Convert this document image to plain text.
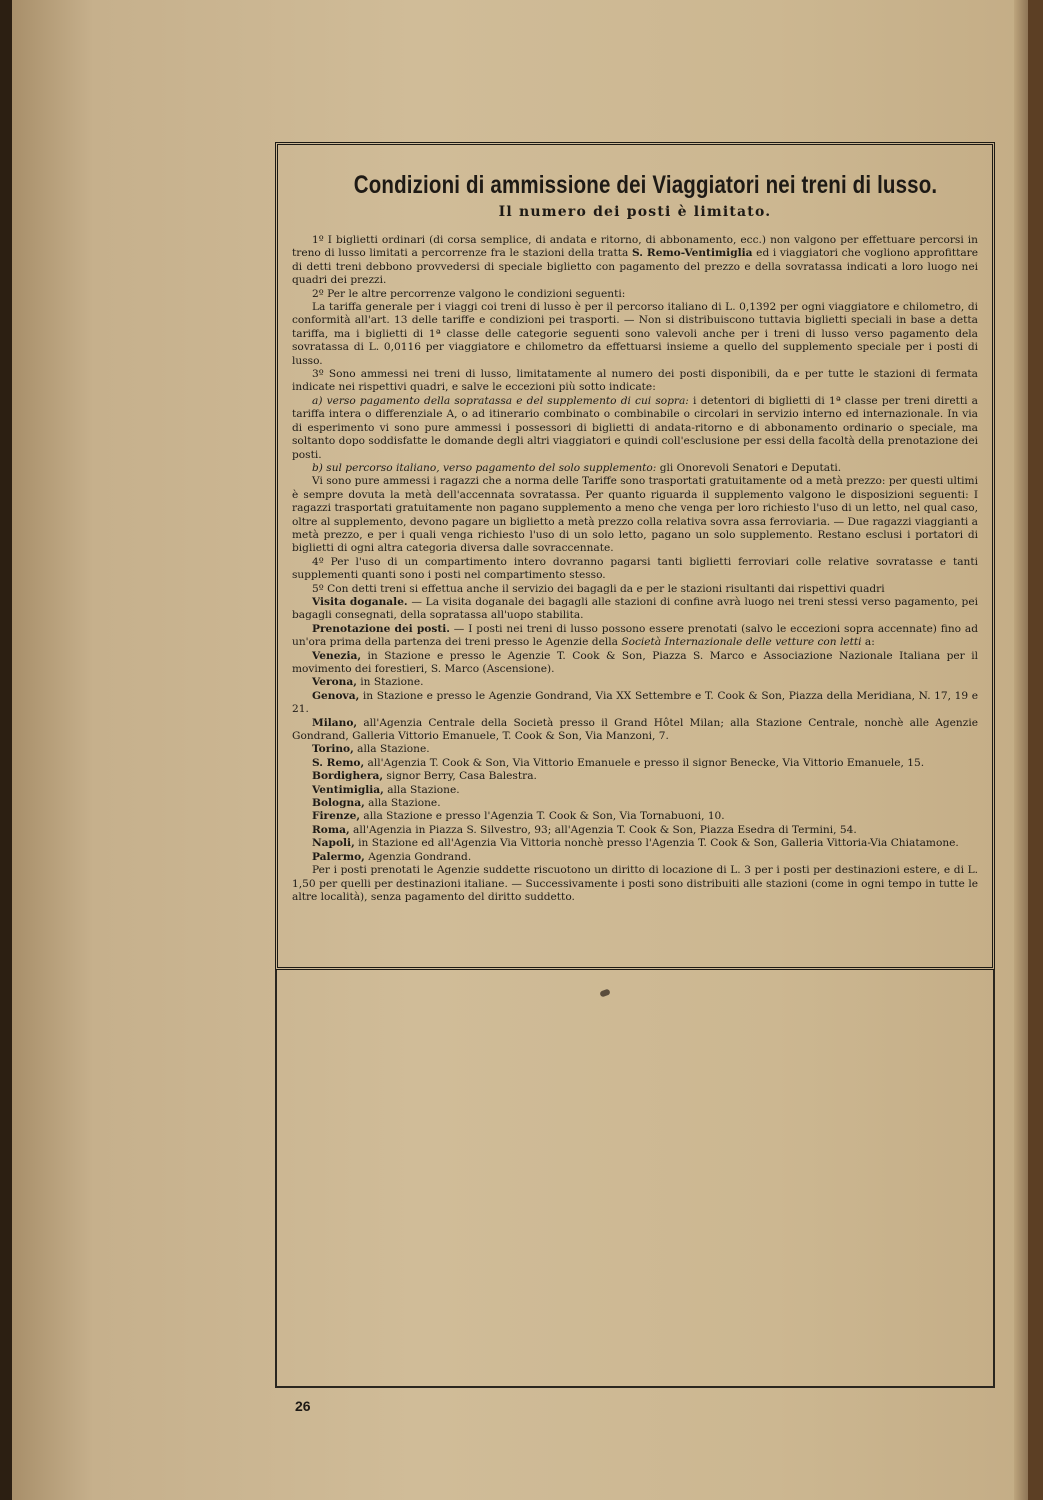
Condizioni di ammissione dei Viaggiatori nei treni di lusso.
Il numero dei posti è limitato.

1º I biglietti ordinari (di corsa semplice, di andata e ritorno, di abbonamento, ecc.) non valgono per effettuare percorsi in treno di lusso limitati a percorrenze fra le stazioni della tratta S. Remo-Ventimiglia ed i viaggiatori che vogliono approfittare di detti treni debbono provvedersi di speciale biglietto con pagamento del prezzo e della sovratassa indicati a loro luogo nei quadri dei prezzi.

2º Per le altre percorrenze valgono le condizioni seguenti:

La tariffa generale per i viaggi coi treni di lusso è per il percorso italiano di L. 0,1392 per ogni viaggiatore e chilometro, di conformità all'art. 13 delle tariffe e condizioni pei trasporti. — Non si distribuiscono tuttavia biglietti speciali in base a detta tariffa, ma i biglietti di 1ª classe delle categorie seguenti sono valevoli anche per i treni di lusso verso pagamento dela sovratassa di L. 0,0116 per viaggiatore e chilometro da effettuarsi insieme a quello del supplemento speciale per i posti di lusso.

3º Sono ammessi nei treni di lusso, limitatamente al numero dei posti disponibili, da e per tutte le stazioni di fermata indicate nei rispettivi quadri, e salve le eccezioni più sotto indicate:

a) verso pagamento della sopratassa e del supplemento di cui sopra: i detentori di biglietti di 1ª classe per treni diretti a tariffa intera o differenziale A, o ad itinerario combinato o combinabile o circolari in servizio interno ed internazionale. In via di esperimento vi sono pure ammessi i possessori di biglietti di andata-ritorno e di abbonamento ordinario o speciale, ma soltanto dopo soddisfatte le domande degli altri viaggiatori e quindi coll'esclusione per essi della facoltà della prenotazione dei posti.

b) sul percorso italiano, verso pagamento del solo supplemento: gli Onorevoli Senatori e Deputati.

Vi sono pure ammessi i ragazzi che a norma delle Tariffe sono trasportati gratuitamente od a metà prezzo: per questi ultimi è sempre dovuta la metà dell'accennata sovratassa. Per quanto riguarda il supplemento valgono le disposizioni seguenti: I ragazzi trasportati gratuitamente non pagano supplemento a meno che venga per loro richiesto l'uso di un letto, nel qual caso, oltre al supplemento, devono pagare un biglietto a metà prezzo colla relativa sovra assa ferroviaria. — Due ragazzi viaggianti a metà prezzo, e per i quali venga richiesto l'uso di un solo letto, pagano un solo supplemento. Restano esclusi i portatori di biglietti di ogni altra categoria diversa dalle sovraccennate.

4º Per l'uso di un compartimento intero dovranno pagarsi tanti biglietti ferroviari colle relative sovratasse e tanti supplementi quanti sono i posti nel compartimento stesso.

5º Con detti treni si effettua anche il servizio dei bagagli da e per le stazioni risultanti dai rispettivi quadri

Visita doganale. — La visita doganale dei bagagli alle stazioni di confine avrà luogo nei treni stessi verso pagamento, pei bagagli consegnati, della sopratassa all'uopo stabilita.

Prenotazione dei posti. — I posti nei treni di lusso possono essere prenotati (salvo le eccezioni sopra accennate) fino ad un'ora prima della partenza dei treni presso le Agenzie della Società Internazionale delle vetture con letti a:

Venezia, in Stazione e presso le Agenzie T. Cook & Son, Piazza S. Marco e Associazione Nazionale Italiana per il movimento dei forestieri, S. Marco (Ascensione).
Verona, in Stazione.
Genova, in Stazione e presso le Agenzie Gondrand, Via XX Settembre e T. Cook & Son, Piazza della Meridiana, N. 17, 19 e 21.
Milano, all'Agenzia Centrale della Società presso il Grand Hôtel Milan; alla Stazione Centrale, nonchè alle Agenzie Gondrand, Galleria Vittorio Emanuele, T. Cook & Son, Via Manzoni, 7.
Torino, alla Stazione.
S. Remo, all'Agenzia T. Cook & Son, Via Vittorio Emanuele e presso il signor Benecke, Via Vittorio Emanuele, 15.
Bordighera, signor Berry, Casa Balestra.
Ventimiglia, alla Stazione.
Bologna, alla Stazione.
Firenze, alla Stazione e presso l'Agenzia T. Cook & Son, Via Tornabuoni, 10.
Roma, all'Agenzia in Piazza S. Silvestro, 93; all'Agenzia T. Cook & Son, Piazza Esedra di Termini, 54.
Napoli, in Stazione ed all'Agenzia Via Vittoria nonchè presso l'Agenzia T. Cook & Son, Galleria Vittoria-Via Chiatamone.
Palermo, Agenzia Gondrand.

Per i posti prenotati le Agenzie suddette riscuotono un diritto di locazione di L. 3 per i posti per destinazioni estere, e di L. 1,50 per quelli per destinazioni italiane. — Successivamente i posti sono distribuiti alle stazioni (come in ogni tempo in tutte le altre località), senza pagamento del diritto suddetto.

26
